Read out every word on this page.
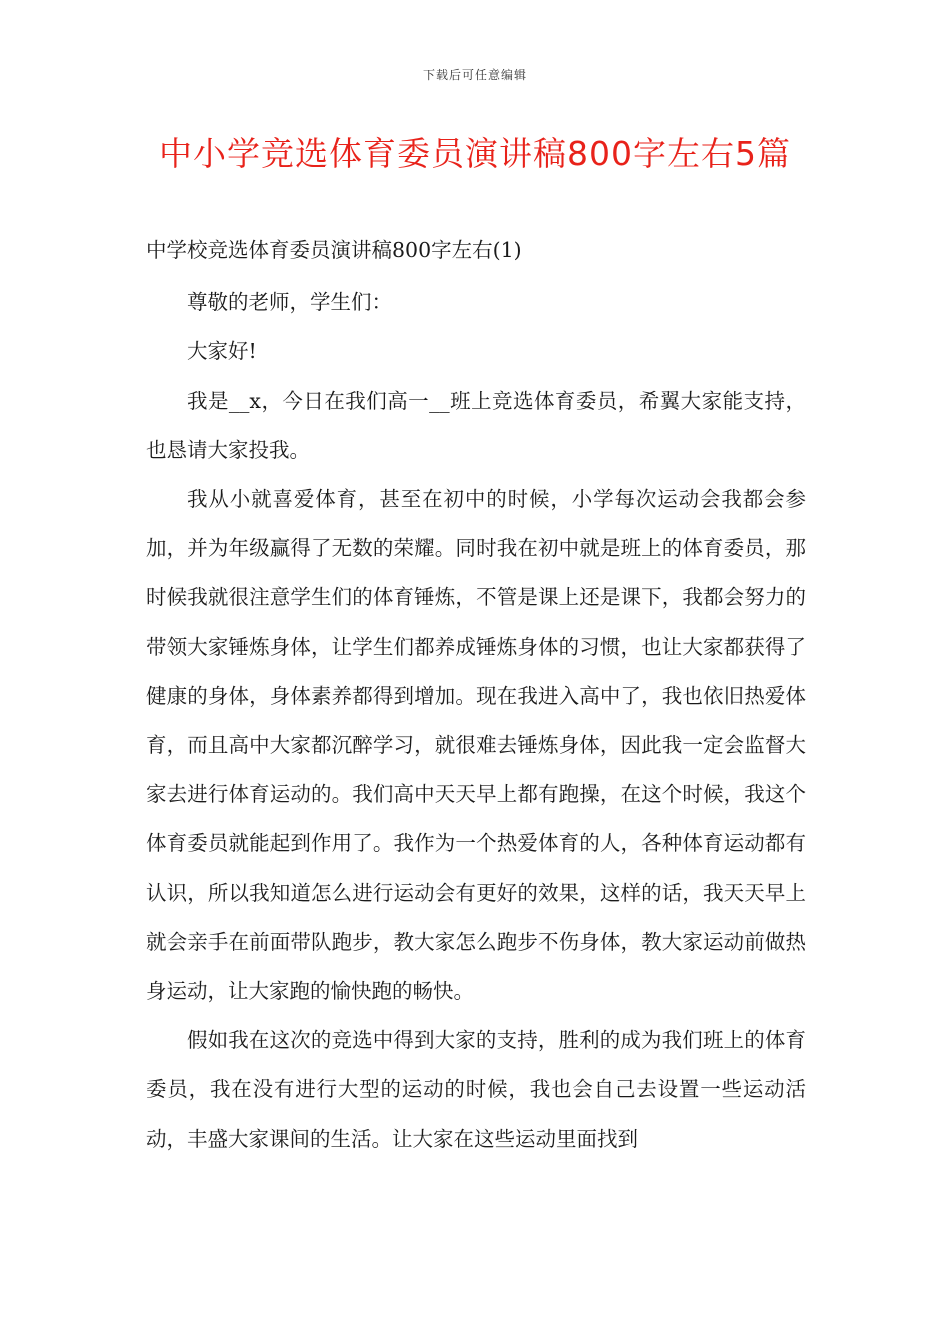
下载后可任意编辑
中小学竞选体育委员演讲稿800字左右5篇

中学校竞选体育委员演讲稿800字左右(1)

尊敬的老师，学生们：

大家好!

我是__x，今日在我们高一__班上竞选体育委员，希翼大家能支持，也恳请大家投我。

我从小就喜爱体育，甚至在初中的时候，小学每次运动会我都会参加，并为年级赢得了无数的荣耀。同时我在初中就是班上的体育委员，那时候我就很注意学生们的体育锤炼，不管是课上还是课下，我都会努力的带领大家锤炼身体，让学生们都养成锤炼身体的习惯，也让大家都获得了健康的身体，身体素养都得到增加。现在我进入高中了，我也依旧热爱体育，而且高中大家都沉醉学习，就很难去锤炼身体，因此我一定会监督大家去进行体育运动的。我们高中天天早上都有跑操，在这个时候，我这个体育委员就能起到作用了。我作为一个热爱体育的人，各种体育运动都有认识，所以我知道怎么进行运动会有更好的效果，这样的话，我天天早上就会亲手在前面带队跑步，教大家怎么跑步不伤身体，教大家运动前做热身运动，让大家跑的愉快跑的畅快。

假如我在这次的竞选中得到大家的支持，胜利的成为我们班上的体育委员，我在没有进行大型的运动的时候，我也会自己去设置一些运动活动，丰盛大家课间的生活。让大家在这些运动里面找到
